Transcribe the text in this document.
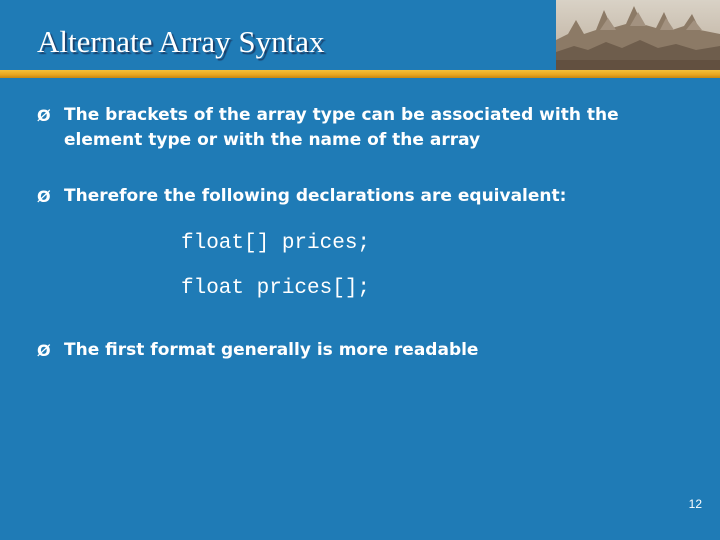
Alternate Array Syntax
Ø The brackets of the array type can be associated with the element type or with the name of the array
Ø Therefore the following declarations are equivalent:
float[] prices;
float prices[];
Ø The first format generally is more readable
12
